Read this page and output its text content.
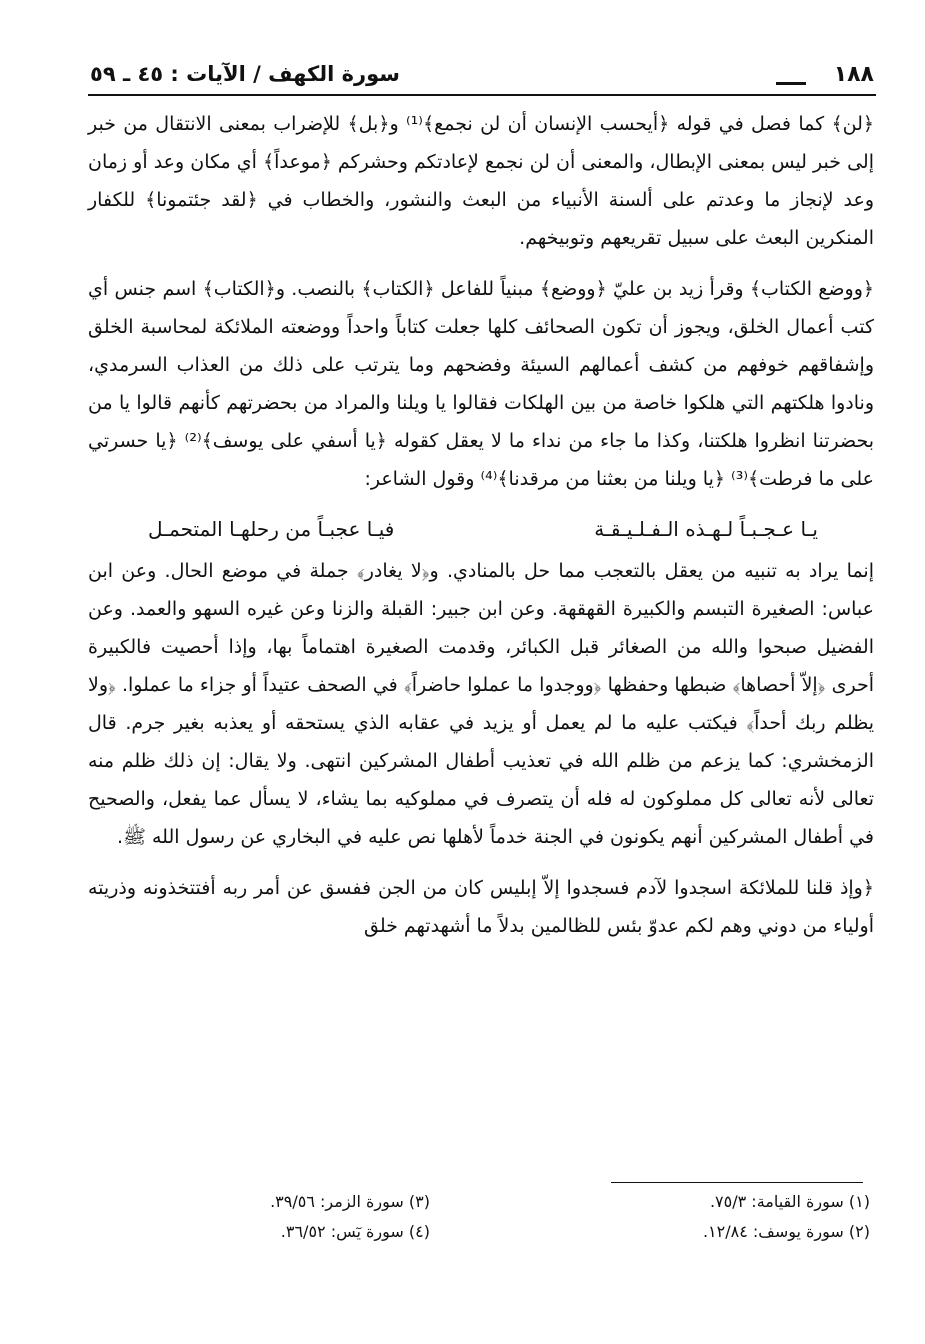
١٨٨
سورة الكهف / الآيات : ٤٥ ـ ٥٩

﴿لن﴾ كما فصل في قوله ﴿أيحسب الإنسان أن لن نجمع﴾⁽¹⁾ و﴿بل﴾ للإضراب بمعنى الانتقال من خبر إلى خبر ليس بمعنى الإبطال، والمعنى أن لن نجمع لإعادتكم وحشركم ﴿موعداً﴾ أي مكان وعد أو زمان وعد لإنجاز ما وعدتم على ألسنة الأنبياء من البعث والنشور، والخطاب في ﴿لقد جئتمونا﴾ للكفار المنكرين البعث على سبيل تقريعهم وتوبيخهم.

﴿ووضع الكتاب﴾ وقرأ زيد بن عليّ ﴿ووضع﴾ مبنياً للفاعل ﴿الكتاب﴾ بالنصب. و﴿الكتاب﴾ اسم جنس أي كتب أعمال الخلق، ويجوز أن تكون الصحائف كلها جعلت كتاباً واحداً ووضعته الملائكة لمحاسبة الخلق وإشفاقهم خوفهم من كشف أعمالهم السيئة وفضحهم وما يترتب على ذلك من العذاب السرمدي، ونادوا هلكتهم التي هلكوا خاصة من بين الهلكات فقالوا يا ويلنا والمراد من بحضرتهم كأنهم قالوا يا من بحضرتنا انظروا هلكتنا، وكذا ما جاء من نداء ما لا يعقل كقوله ﴿يا أسفي على يوسف﴾⁽²⁾ ﴿يا حسرتي على ما فرطت﴾⁽³⁾ ﴿يا ويلنا من بعثنا من مرقدنا﴾⁽⁴⁾ وقول الشاعر:

يـا عـجـبـاً لـهـذه الـفـلـيـقـة
فيـا عجبـاً من رحلهـا المتحمـل

إنما يراد به تنبيه من يعقل بالتعجب مما حل بالمنادي. و﴿لا يغادر﴾ جملة في موضع الحال. وعن ابن عباس: الصغيرة التبسم والكبيرة القهقهة. وعن ابن جبير: القبلة والزنا وعن غيره السهو والعمد. وعن الفضيل صبحوا والله من الصغائر قبل الكبائر، وقدمت الصغيرة اهتماماً بها، وإذا أحصيت فالكبيرة أحرى ﴿إلاّ أحصاها﴾ ضبطها وحفظها ﴿ووجدوا ما عملوا حاضراً﴾ في الصحف عتيداً أو جزاء ما عملوا. ﴿ولا يظلم ربك أحداً﴾ فيكتب عليه ما لم يعمل أو يزيد في عقابه الذي يستحقه أو يعذبه بغير جرم. قال الزمخشري: كما يزعم من ظلم الله في تعذيب أطفال المشركين انتهى. ولا يقال: إن ذلك ظلم منه تعالى لأنه تعالى كل مملوكون له فله أن يتصرف في مملوكيه بما يشاء، لا يسأل عما يفعل، والصحيح في أطفال المشركين أنهم يكونون في الجنة خدماً لأهلها نص عليه في البخاري عن رسول الله ﷺ.

﴿وإذ قلنا للملائكة اسجدوا لآدم فسجدوا إلاّ إبليس كان من الجن ففسق عن أمر ربه أفتتخذونه وذريته أولياء من دوني وهم لكم عدوّ بئس للظالمين بدلاً ما أشهدتهم خلق

(١) سورة القيامة: ٧٥/٣.
(٢) سورة يوسف: ١٢/٨٤.
(٣) سورة الزمر: ٣٩/٥٦.
(٤) سورة يٓس: ٣٦/٥٢.
